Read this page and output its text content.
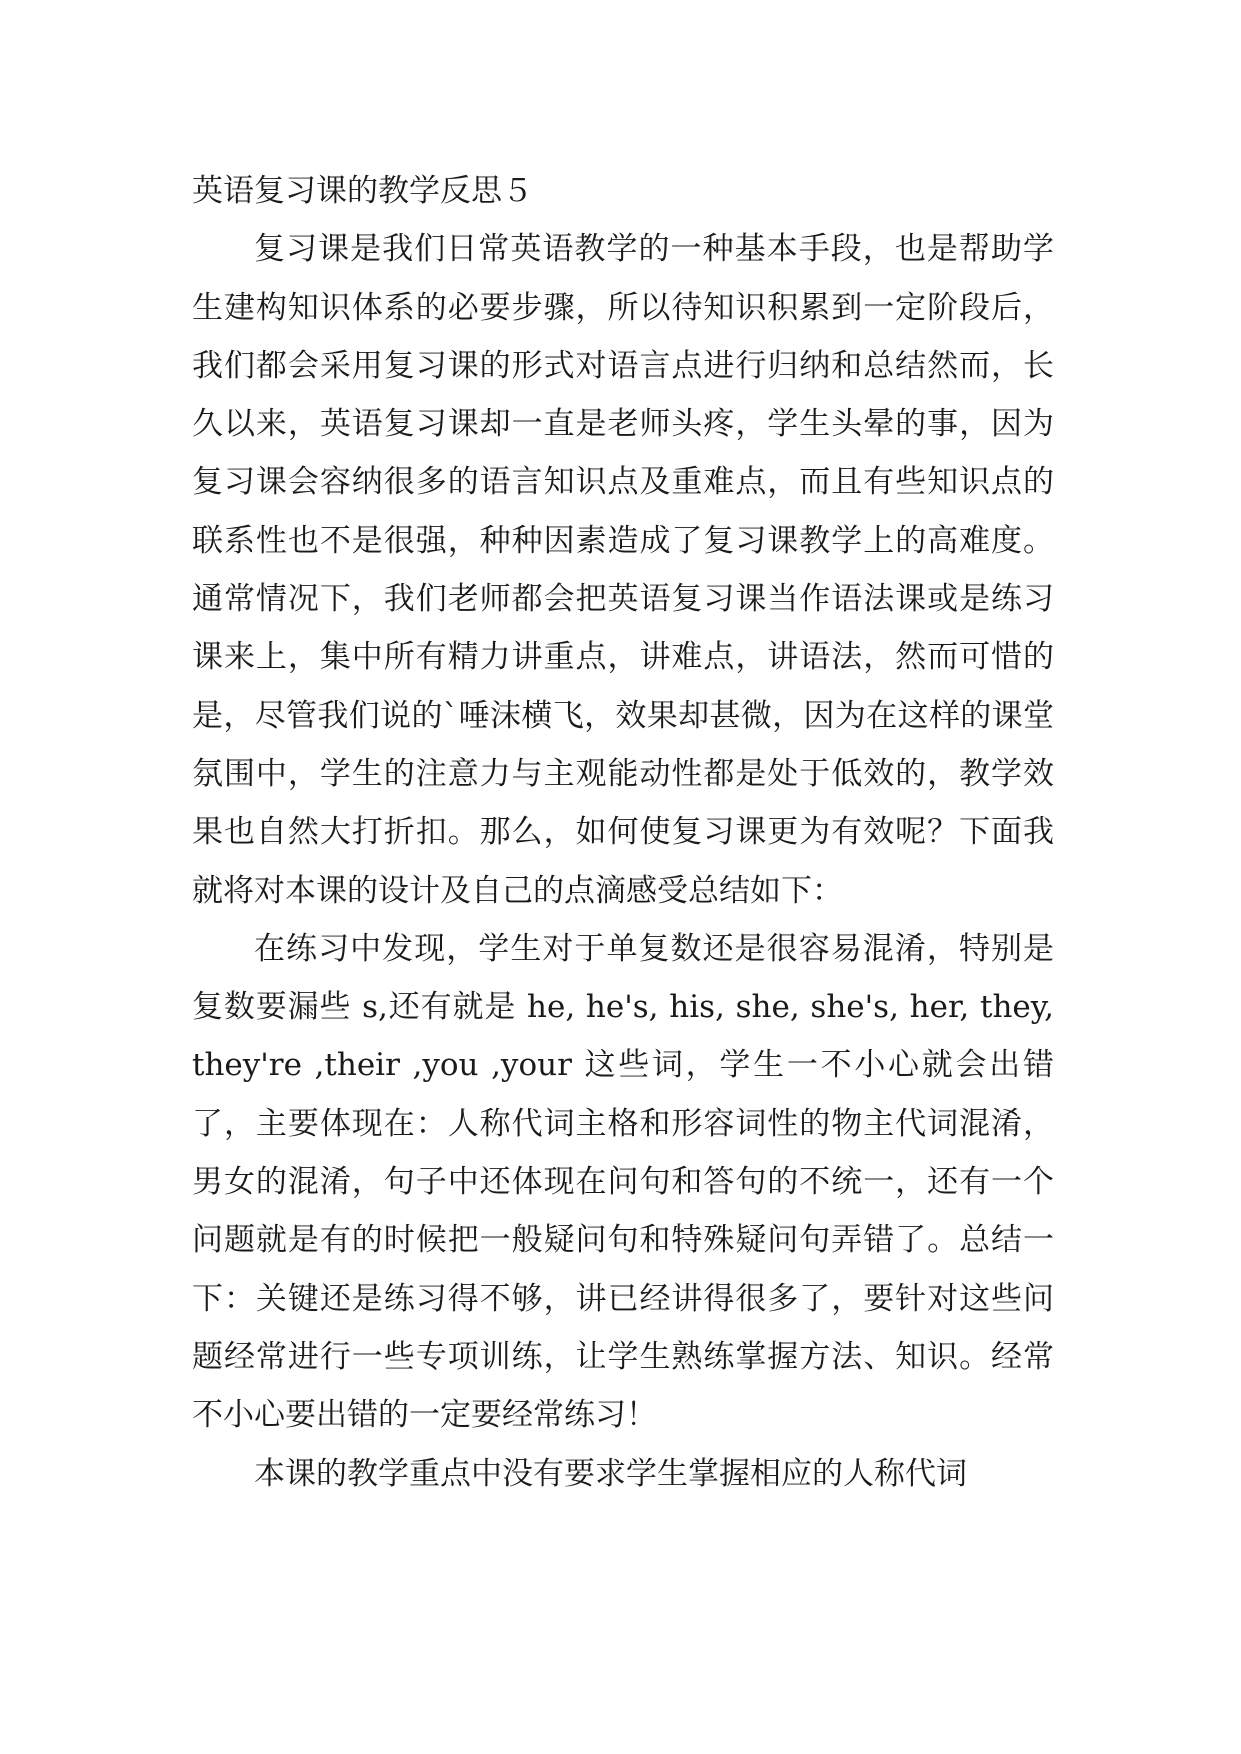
英语复习课的教学反思５

复习课是我们日常英语教学的一种基本手段，也是帮助学生建构知识体系的必要步骤，所以待知识积累到一定阶段后，我们都会采用复习课的形式对语言点进行归纳和总结然而，长久以来，英语复习课却一直是老师头疼，学生头晕的事，因为复习课会容纳很多的语言知识点及重难点，而且有些知识点的联系性也不是很强，种种因素造成了复习课教学上的高难度。通常情况下，我们老师都会把英语复习课当作语法课或是练习课来上，集中所有精力讲重点，讲难点，讲语法，然而可惜的是，尽管我们说的`唾沫横飞，效果却甚微，因为在这样的课堂氛围中，学生的注意力与主观能动性都是处于低效的，教学效果也自然大打折扣。那么，如何使复习课更为有效呢？下面我就将对本课的设计及自己的点滴感受总结如下：

在练习中发现，学生对于单复数还是很容易混淆，特别是复数要漏些 s,还有就是 he, he's, his, she, she's, her, they, they're ,their ,you ,your 这些词，学生一不小心就会出错了，主要体现在：人称代词主格和形容词性的物主代词混淆，男女的混淆，句子中还体现在问句和答句的不统一，还有一个问题就是有的时候把一般疑问句和特殊疑问句弄错了。总结一下：关键还是练习得不够，讲已经讲得很多了，要针对这些问题经常进行一些专项训练，让学生熟练掌握方法、知识。经常不小心要出错的一定要经常练习！

本课的教学重点中没有要求学生掌握相应的人称代词
